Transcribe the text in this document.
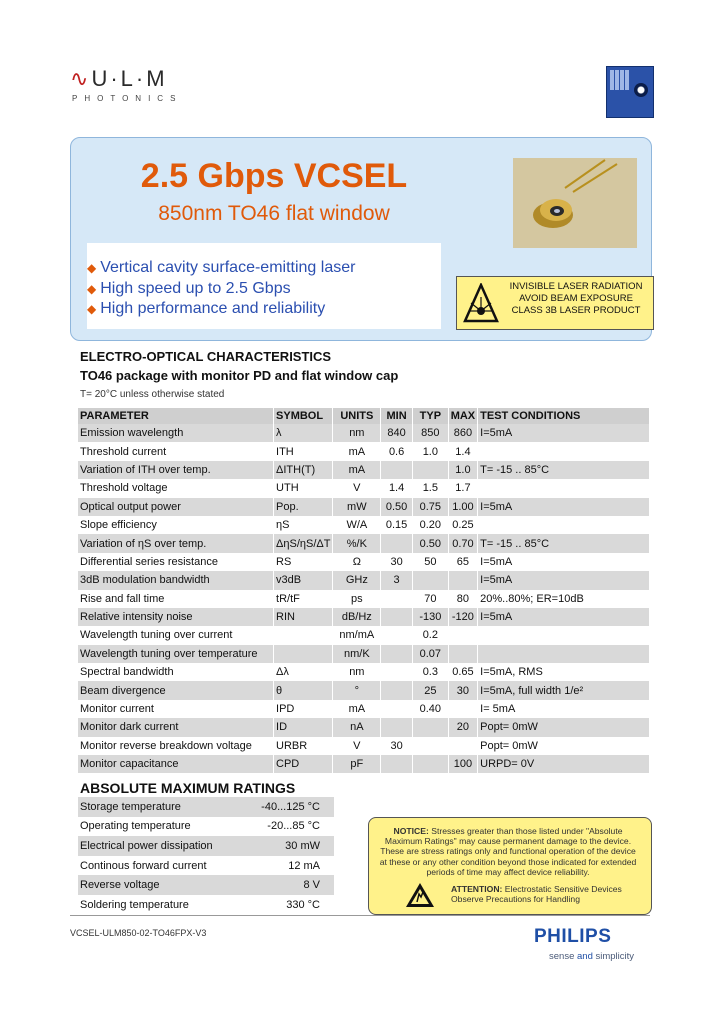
∿U·L·M
PHOTONICS
2.5 Gbps VCSEL
850nm TO46 flat window
◆ Vertical cavity surface-emitting laser
◆ High speed up to 2.5 Gbps
◆ High performance and reliability
INVISIBLE LASER RADIATION
AVOID BEAM EXPOSURE
CLASS 3B LASER PRODUCT
ELECTRO-OPTICAL CHARACTERISTICS
TO46 package with monitor PD and flat window cap
T= 20°C unless otherwise stated
PARAMETER	SYMBOL	UNITS	MIN	TYP	MAX	TEST CONDITIONS
Emission wavelength	λ	nm	840	850	860	I=5mA
Threshold current	ITH	mA	0.6	1.0	1.4	
Variation of ITH over temp.	ΔITH(T)	mA			1.0	T= -15 .. 85°C
Threshold voltage	UTH	V	1.4	1.5	1.7	
Optical output power	Pop.	mW	0.50	0.75	1.00	I=5mA
Slope efficiency	ηS	W/A	0.15	0.20	0.25	
Variation of ηS over temp.	ΔηS/ηS/ΔT	%/K		0.50	0.70	T= -15 .. 85°C
Differential series resistance	RS	Ω	30	50	65	I=5mA
3dB modulation bandwidth	v3dB	GHz	3			I=5mA
Rise and fall time	tR/tF	ps		70	80	20%..80%; ER=10dB
Relative intensity noise	RIN	dB/Hz		-130	-120	I=5mA
Wavelength tuning over current		nm/mA		0.2		
Wavelength tuning over temperature		nm/K		0.07		
Spectral bandwidth	Δλ	nm		0.3	0.65	I=5mA, RMS
Beam divergence	θ	°		25	30	I=5mA, full width 1/e²
Monitor current	IPD	mA		0.40		I= 5mA
Monitor dark current	ID	nA			20	Popt= 0mW
Monitor reverse breakdown voltage	URBR	V	30			Popt= 0mW
Monitor capacitance	CPD	pF			100	URPD= 0V
ABSOLUTE MAXIMUM RATINGS
Storage temperature	-40...125 °C
Operating temperature	-20...85 °C
Electrical power dissipation	30 mW
Continous forward current	12 mA
Reverse voltage	8 V
Soldering temperature	330 °C
NOTICE: Stresses greater than those listed under "Absolute Maximum Ratings" may cause permanent damage to the device. These are stress ratings only and functional operation of the device at these or any other condition beyond those indicated for extended periods of time may affect device reliability.
ATTENTION: Electrostatic Sensitive Devices Observe Precautions for Handling
VCSEL-ULM850-02-TO46FPX-V3	PHILIPS
sense and simplicity
